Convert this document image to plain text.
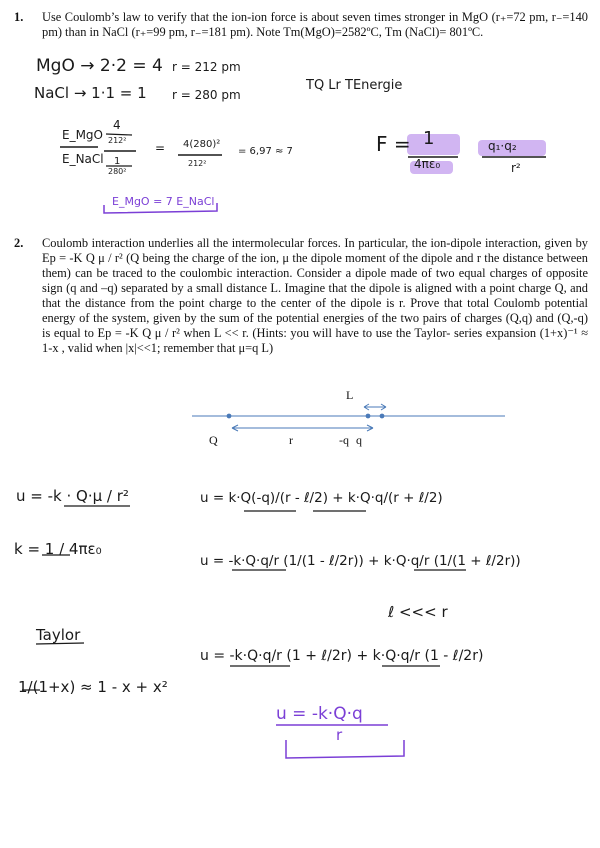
1. Use Coulomb’s law to verify that the ion-ion force is about seven times stronger in MgO (r₊=72 pm, r₋=140 pm) than in NaCl (r₊=99 pm, r₋=181 pm). Note Tm(MgO)=2582ºC, Tm (NaCl)= 801ºC.
MgO → 2·2 = 4 r = 212 pm
NaCl → 1·1 = 1 r = 280 pm
TQ Lr TEnergie
E_MgO
E_NaCl
4
212²
1
280²
= 4(280)²
212²
= 6,97 ≈ 7
E_MgO = 7 E_NaCl
F = 1
4πε₀
q₁·q₂
r²
2. Coulomb interaction underlies all the intermolecular forces. In particular, the ion-dipole interaction, given by Ep = -K Q μ / r² (Q being the charge of the ion, μ the dipole moment of the dipole and r the distance between them) can be traced to the coulombic interaction. Consider a dipole made of two equal charges of opposite sign (q and –q) separated by a small distance L. Imagine that the dipole is aligned with a point charge Q, and that the distance from the point charge to the center of the dipole is r. Prove that total Coulomb potential energy of the system, given by the sum of the potential energies of the two pairs of charges (Q,q) and (Q,-q) is equal to Ep = -K Q μ / r² when L << r. (Hints: you will have to use the Taylor- series expansion (1+x)⁻¹ ≈ 1-x , valid when |x|<<1; remember that μ=q L)
L
Q	r	-q q
u = -k · Q·μ / r²
k = 1 / 4πε₀
u = k·Q(-q)/(r - ℓ/2) + k·Q·q/(r + ℓ/2)
u = -k·Q·q/r (1/(1 - ℓ/2r)) + k·Q·q/r (1/(1 + ℓ/2r))
ℓ <<< r
Taylor
1/(1+x) ≈ 1 - x + x²
u = -k·Q·q/r (1 + ℓ/2r) + k·Q·q/r (1 - ℓ/2r)
u = -k·Q·q
r
